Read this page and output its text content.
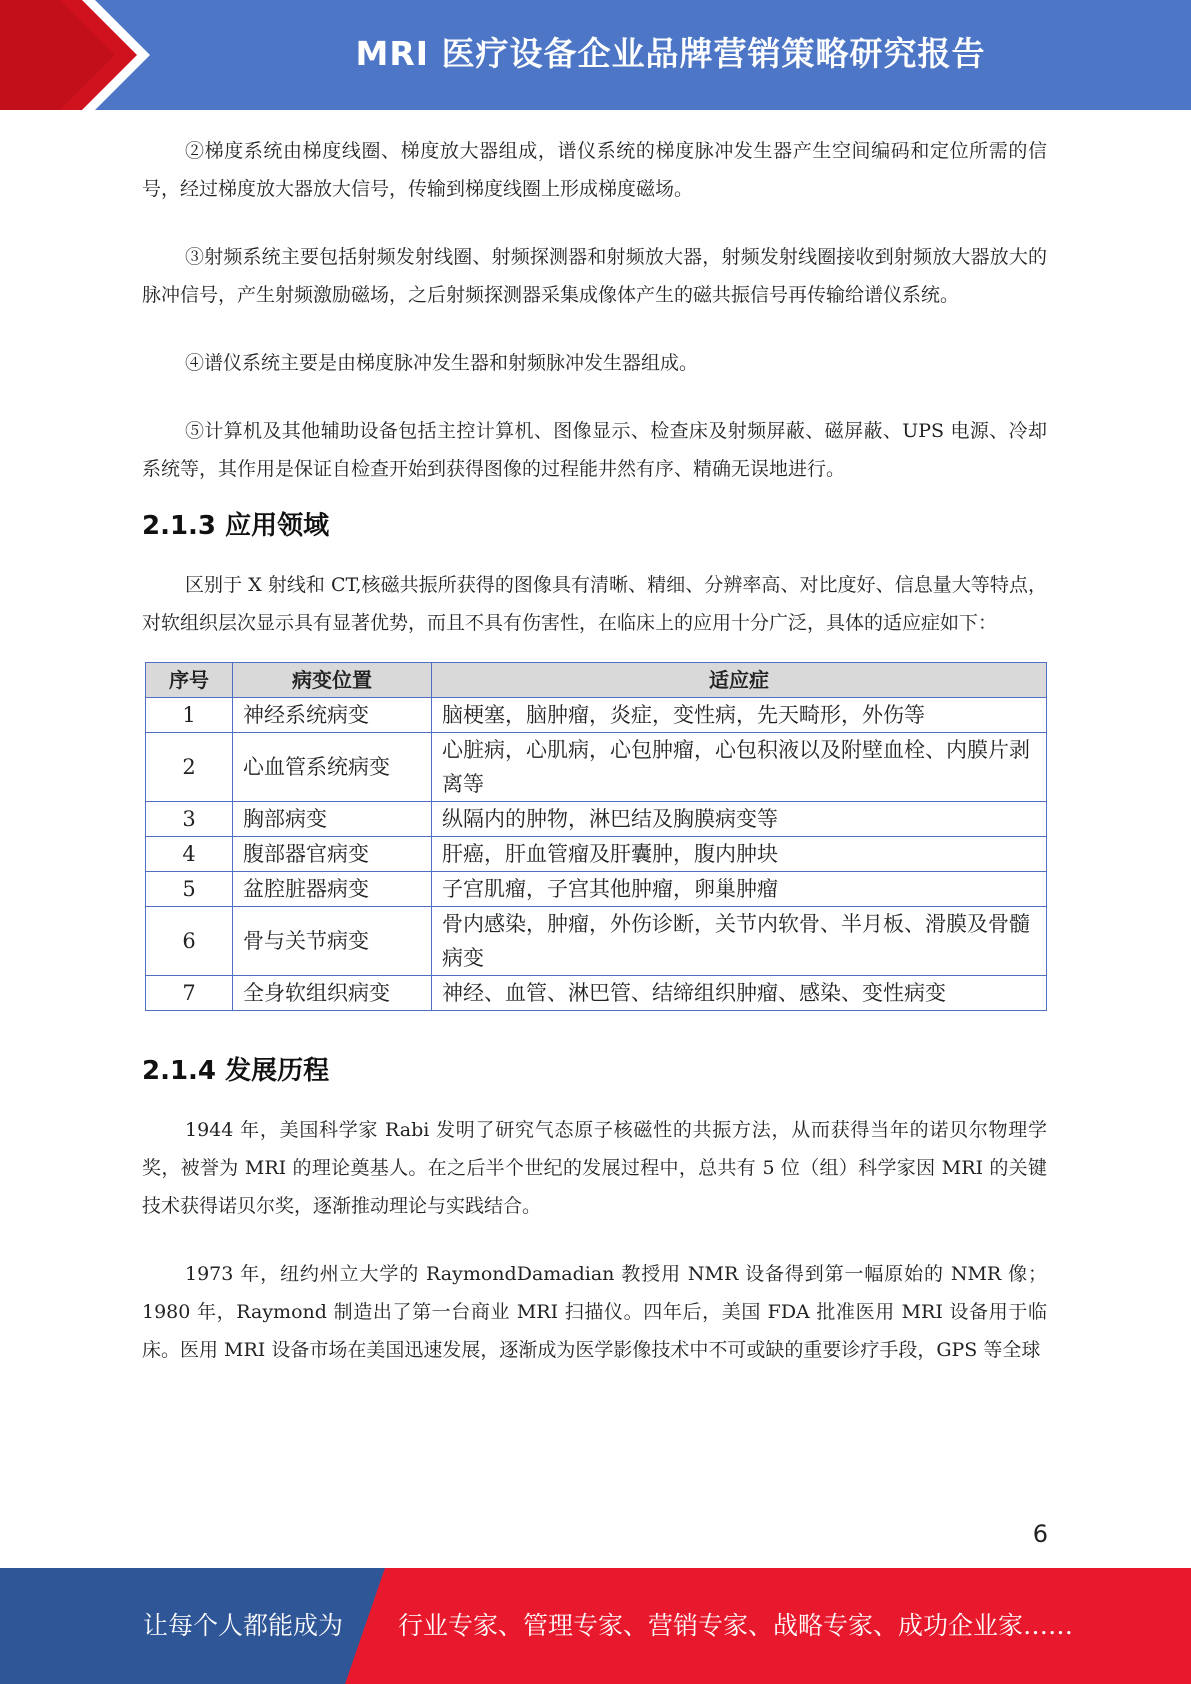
MRI 医疗设备企业品牌营销策略研究报告

②梯度系统由梯度线圈、梯度放大器组成，谱仪系统的梯度脉冲发生器产生空间编码和定位所需的信号，经过梯度放大器放大信号，传输到梯度线圈上形成梯度磁场。

③射频系统主要包括射频发射线圈、射频探测器和射频放大器，射频发射线圈接收到射频放大器放大的脉冲信号，产生射频激励磁场，之后射频探测器采集成像体产生的磁共振信号再传输给谱仪系统。

④谱仪系统主要是由梯度脉冲发生器和射频脉冲发生器组成。

⑤计算机及其他辅助设备包括主控计算机、图像显示、检查床及射频屏蔽、磁屏蔽、UPS 电源、冷却系统等，其作用是保证自检查开始到获得图像的过程能井然有序、精确无误地进行。

2.1.3 应用领域

区别于 X 射线和 CT,核磁共振所获得的图像具有清晰、精细、分辨率高、对比度好、信息量大等特点，对软组织层次显示具有显著优势，而且不具有伤害性，在临床上的应用十分广泛，具体的适应症如下：

序号	病变位置	适应症
1	神经系统病变	脑梗塞，脑肿瘤，炎症，变性病，先天畸形，外伤等
2	心血管系统病变	心脏病，心肌病，心包肿瘤，心包积液以及附壁血栓、内膜片剥离等
3	胸部病变	纵隔内的肿物，淋巴结及胸膜病变等
4	腹部器官病变	肝癌，肝血管瘤及肝囊肿，腹内肿块
5	盆腔脏器病变	子宫肌瘤，子宫其他肿瘤，卵巢肿瘤
6	骨与关节病变	骨内感染，肿瘤，外伤诊断，关节内软骨、半月板、滑膜及骨髓病变
7	全身软组织病变	神经、血管、淋巴管、结缔组织肿瘤、感染、变性病变
2.1.4 发展历程

1944 年，美国科学家 Rabi 发明了研究气态原子核磁性的共振方法，从而获得当年的诺贝尔物理学奖，被誉为 MRI 的理论奠基人。在之后半个世纪的发展过程中，总共有 5 位（组）科学家因 MRI 的关键技术获得诺贝尔奖，逐渐推动理论与实践结合。

1973 年，纽约州立大学的 RaymondDamadian 教授用 NMR 设备得到第一幅原始的 NMR 像；1980 年，Raymond 制造出了第一台商业 MRI 扫描仪。四年后，美国 FDA 批准医用 MRI 设备用于临床。医用 MRI 设备市场在美国迅速发展，逐渐成为医学影像技术中不可或缺的重要诊疗手段，GPS 等全球

6
让每个人都能成为 行业专家、管理专家、营销专家、战略专家、成功企业家……
